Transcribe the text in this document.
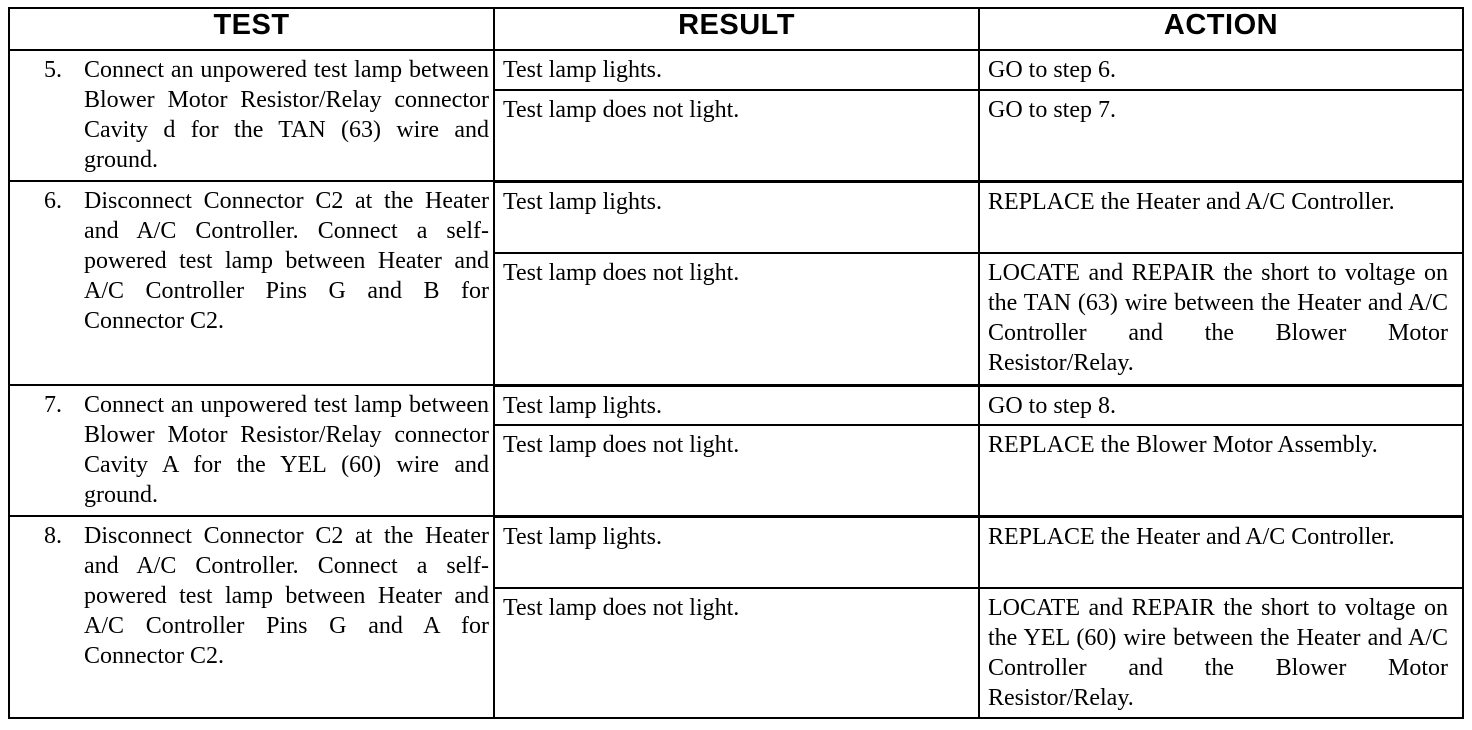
TEST	RESULT	ACTION

5. Connect an unpowered test lamp between Blower Motor Resistor/Relay connector Cavity d for the TAN (63) wire and ground.	Test lamp lights.	GO to step 6.

	Test lamp does not light.	GO to step 7.

6. Disconnect Connector C2 at the Heater and A/C Controller. Connect a self-powered test lamp between Heater and A/C Controller Pins G and B for Connector C2.	Test lamp lights.	REPLACE the Heater and A/C Controller.

	Test lamp does not light.	LOCATE and REPAIR the short to voltage on the TAN (63) wire between the Heater and A/C Controller and the Blower Motor Resistor/Relay.

7. Connect an unpowered test lamp between Blower Motor Resistor/Relay connector Cavity A for the YEL (60) wire and ground.	Test lamp lights.	GO to step 8.

	Test lamp does not light.	REPLACE the Blower Motor Assembly.

8. Disconnect Connector C2 at the Heater and A/C Controller. Connect a self-powered test lamp between Heater and A/C Controller Pins G and A for Connector C2.	Test lamp lights.	REPLACE the Heater and A/C Controller.

	Test lamp does not light.	LOCATE and REPAIR the short to voltage on the YEL (60) wire between the Heater and A/C Controller and the Blower Motor Resistor/Relay.
